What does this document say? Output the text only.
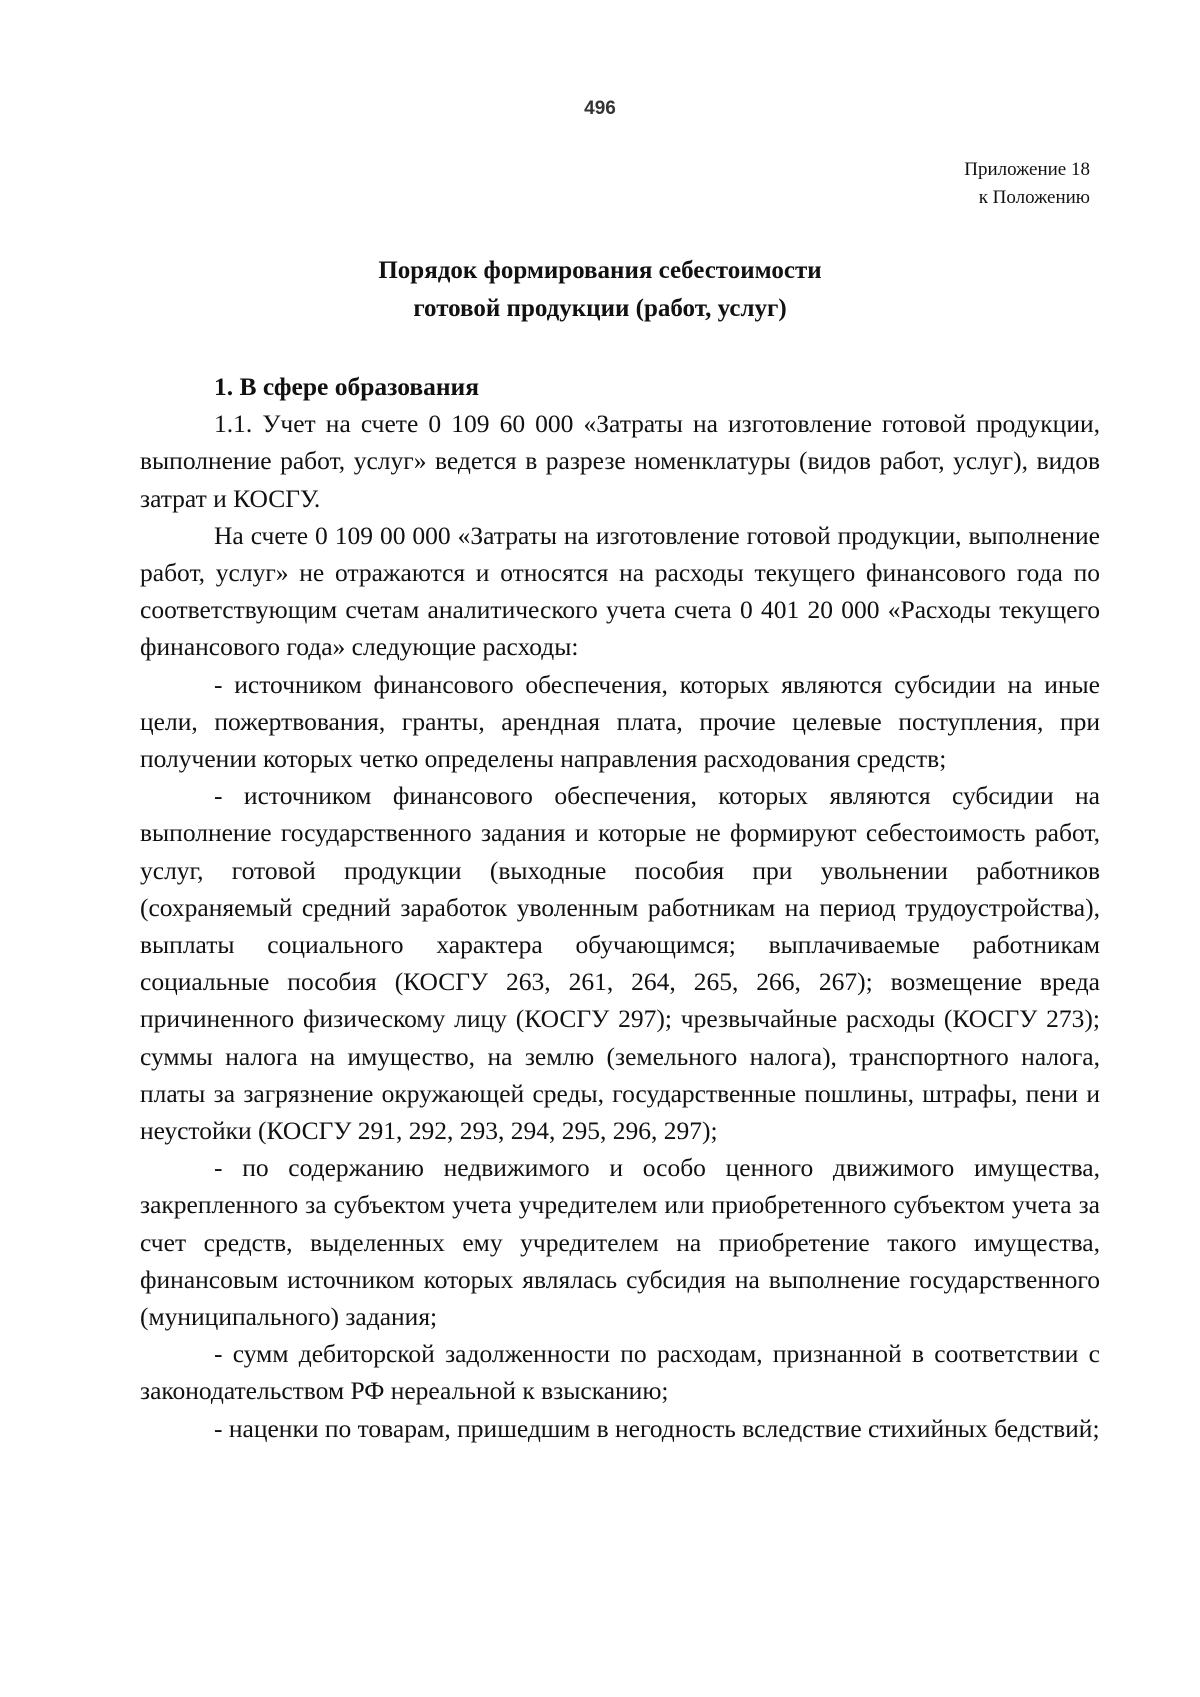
496
Приложение 18
к Положению
Порядок формирования себестоимости
готовой продукции (работ, услуг)

1. В сфере образования

1.1. Учет на счете 0 109 60 000 «Затраты на изготовление готовой продукции, выполнение работ, услуг» ведется в разрезе номенклатуры (видов работ, услуг), видов затрат и КОСГУ.

На счете 0 109 00 000 «Затраты на изготовление готовой продукции, выполнение работ, услуг» не отражаются и относятся на расходы текущего финансового года по соответствующим счетам аналитического учета счета 0 401 20 000 «Расходы текущего финансового года» следующие расходы:

- источником финансового обеспечения, которых являются субсидии на иные цели, пожертвования, гранты, арендная плата, прочие целевые поступления, при получении которых четко определены направления расходования средств;

- источником финансового обеспечения, которых являются субсидии на выполнение государственного задания и которые не формируют себестоимость работ, услуг, готовой продукции (выходные пособия при увольнении работников (сохраняемый средний заработок уволенным работникам на период трудоустройства), выплаты социального характера обучающимся; выплачиваемые работникам социальные пособия (КОСГУ 263, 261, 264, 265, 266, 267); возмещение вреда причиненного физическому лицу (КОСГУ 297); чрезвычайные расходы (КОСГУ 273); суммы налога на имущество, на землю (земельного налога), транспортного налога, платы за загрязнение окружающей среды, государственные пошлины, штрафы, пени и неустойки (КОСГУ 291, 292, 293, 294, 295, 296, 297);

- по содержанию недвижимого и особо ценного движимого имущества, закрепленного за субъектом учета учредителем или приобретенного субъектом учета за счет средств, выделенных ему учредителем на приобретение такого имущества, финансовым источником которых являлась субсидия на выполнение государственного (муниципального) задания;

- сумм дебиторской задолженности по расходам, признанной в соответствии с законодательством РФ нереальной к взысканию;

- наценки по товарам, пришедшим в негодность вследствие стихийных бедствий;
